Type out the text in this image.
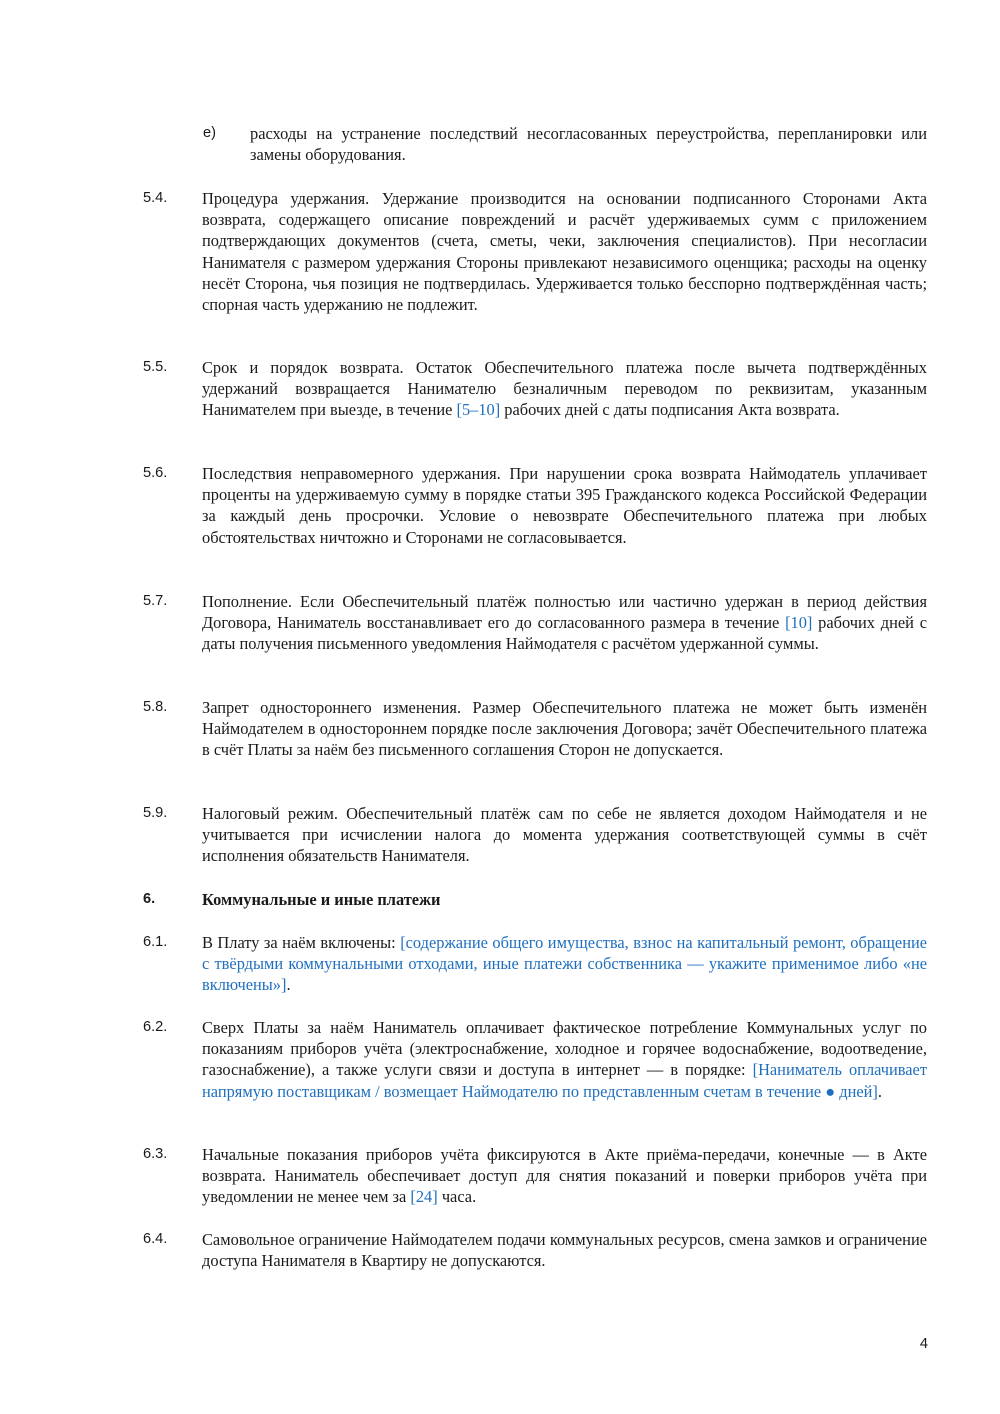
е) расходы на устранение последствий несогласованных переустройства, перепланировки или замены оборудования.
5.4. Процедура удержания. Удержание производится на основании подписанного Сторонами Акта возврата, содержащего описание повреждений и расчёт удерживаемых сумм с приложением подтверждающих документов (счета, сметы, чеки, заключения специалистов). При несогласии Нанимателя с размером удержания Стороны привлекают независимого оценщика; расходы на оценку несёт Сторона, чья позиция не подтвердилась. Удерживается только бесспорно подтверждённая часть; спорная часть удержанию не подлежит.
5.5. Срок и порядок возврата. Остаток Обеспечительного платежа после вычета подтверждённых удержаний возвращается Нанимателю безналичным переводом по реквизитам, указанным Нанимателем при выезде, в течение [5–10] рабочих дней с даты подписания Акта возврата.
5.6. Последствия неправомерного удержания. При нарушении срока возврата Наймодатель уплачивает проценты на удерживаемую сумму в порядке статьи 395 Гражданского кодекса Российской Федерации за каждый день просрочки. Условие о невозврате Обеспечительного платежа при любых обстоятельствах ничтожно и Сторонами не согласовывается.
5.7. Пополнение. Если Обеспечительный платёж полностью или частично удержан в период действия Договора, Наниматель восстанавливает его до согласованного размера в течение [10] рабочих дней с даты получения письменного уведомления Наймодателя с расчётом удержанной суммы.
5.8. Запрет одностороннего изменения. Размер Обеспечительного платежа не может быть изменён Наймодателем в одностороннем порядке после заключения Договора; зачёт Обеспечительного платежа в счёт Платы за наём без письменного соглашения Сторон не допускается.
5.9. Налоговый режим. Обеспечительный платёж сам по себе не является доходом Наймодателя и не учитывается при исчислении налога до момента удержания соответствующей суммы в счёт исполнения обязательств Нанимателя.
6.	Коммунальные и иные платежи
6.1. В Плату за наём включены: [содержание общего имущества, взнос на капитальный ремонт, обращение с твёрдыми коммунальными отходами, иные платежи собственника — укажите применимое либо «не включены»].
6.2. Сверх Платы за наём Наниматель оплачивает фактическое потребление Коммунальных услуг по показаниям приборов учёта (электроснабжение, холодное и горячее водоснабжение, водоотведение, газоснабжение), а также услуги связи и доступа в интернет — в порядке: [Наниматель оплачивает напрямую поставщикам / возмещает Наймодателю по представленным счетам в течение ● дней].
6.3. Начальные показания приборов учёта фиксируются в Акте приёма-передачи, конечные — в Акте возврата. Наниматель обеспечивает доступ для снятия показаний и поверки приборов учёта при уведомлении не менее чем за [24] часа.
6.4. Самовольное ограничение Наймодателем подачи коммунальных ресурсов, смена замков и ограничение доступа Нанимателя в Квартиру не допускаются.
4
